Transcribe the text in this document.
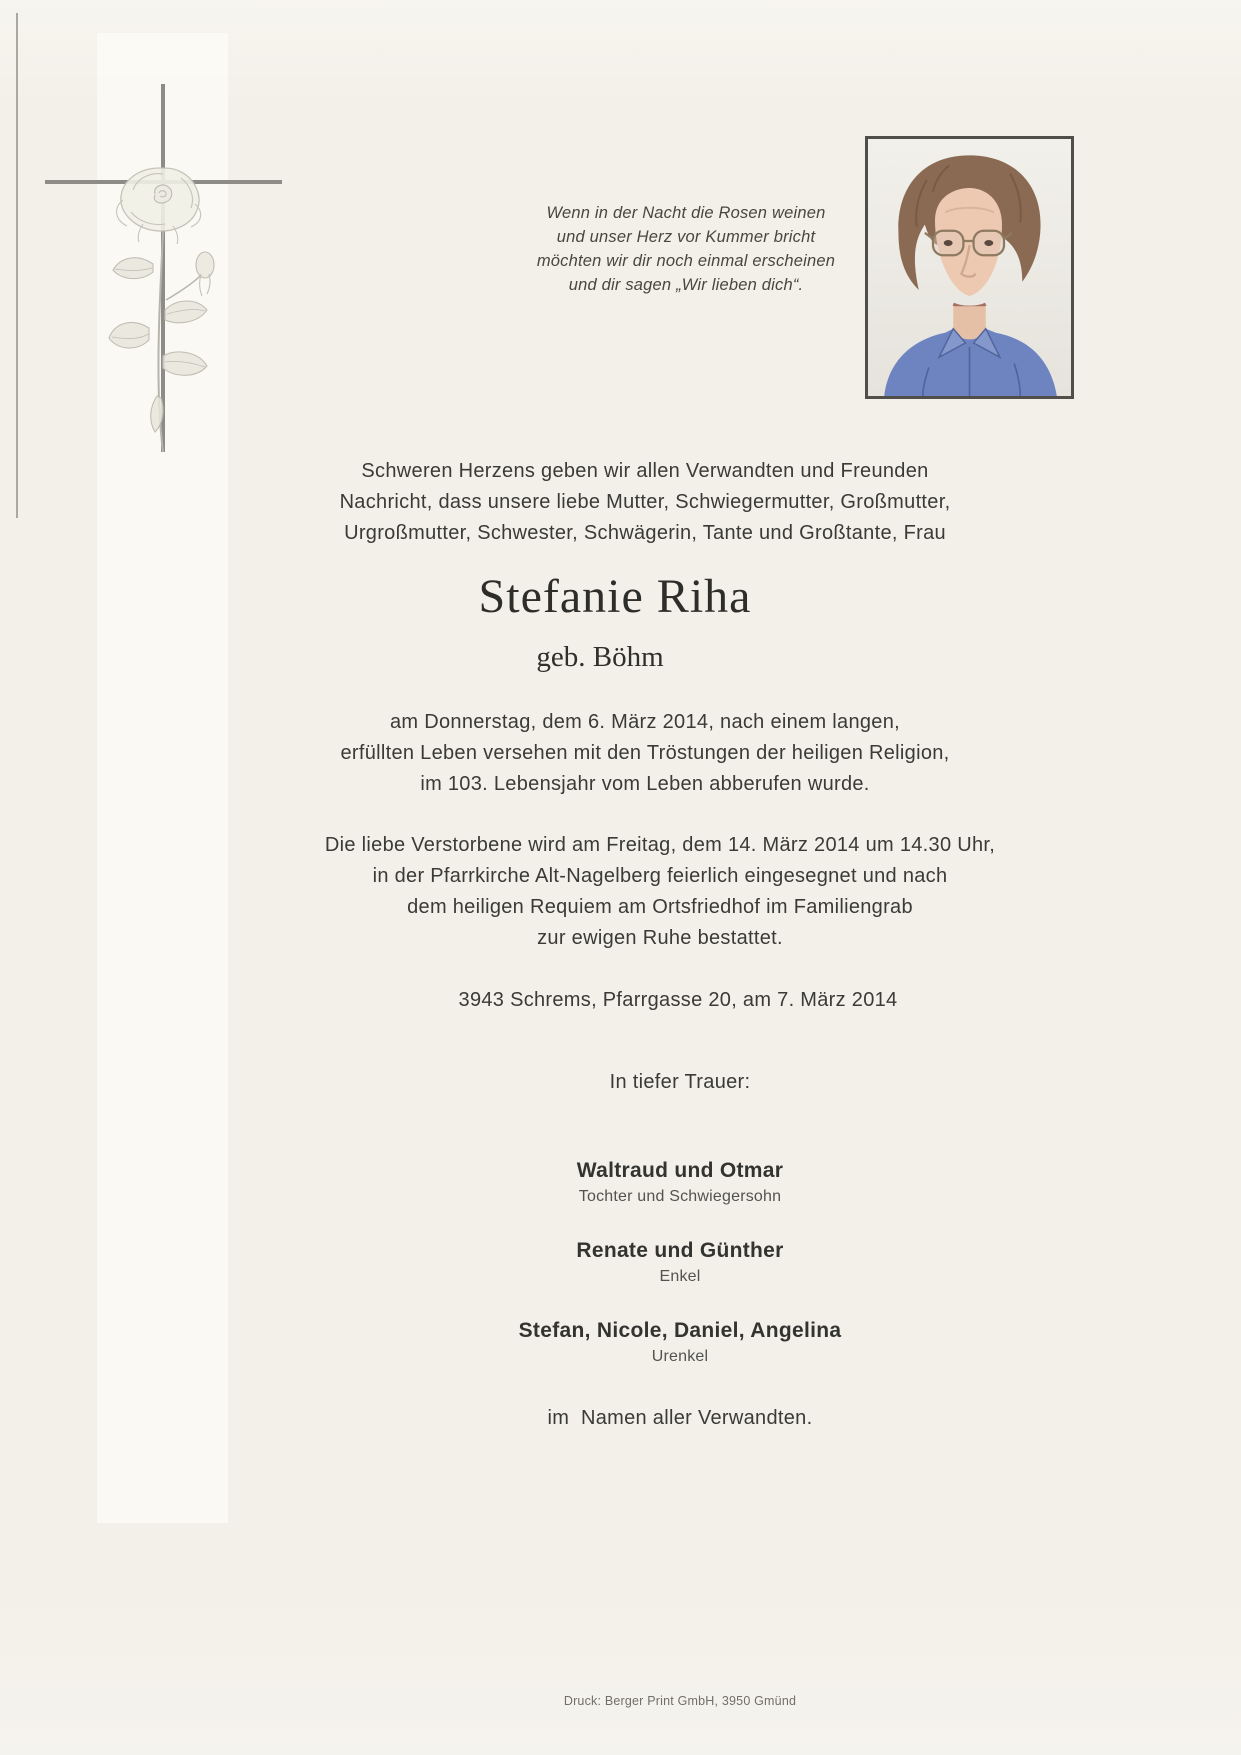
Wenn in der Nacht die Rosen weinen
und unser Herz vor Kummer bricht
möchten wir dir noch einmal erscheinen
und dir sagen „Wir lieben dich“.
Schweren Herzens geben wir allen Verwandten und Freunden
Nachricht, dass unsere liebe Mutter, Schwiegermutter, Großmutter,
Urgroßmutter, Schwester, Schwägerin, Tante und Großtante, Frau
Stefanie Riha
geb. Böhm
am Donnerstag, dem 6. März 2014, nach einem langen,
erfüllten Leben versehen mit den Tröstungen der heiligen Religion,
im 103. Lebensjahr vom Leben abberufen wurde.
Die liebe Verstorbene wird am Freitag, dem 14. März 2014 um 14.30 Uhr,
in der Pfarrkirche Alt-Nagelberg feierlich eingesegnet und nach
dem heiligen Requiem am Ortsfriedhof im Familiengrab
zur ewigen Ruhe bestattet.
3943 Schrems, Pfarrgasse 20, am 7. März 2014
In tiefer Trauer:
Waltraud und Otmar
Tochter und Schwiegersohn
Renate und Günther
Enkel
Stefan, Nicole, Daniel, Angelina
Urenkel
im  Namen aller Verwandten.
Druck: Berger Print GmbH, 3950 Gmünd
